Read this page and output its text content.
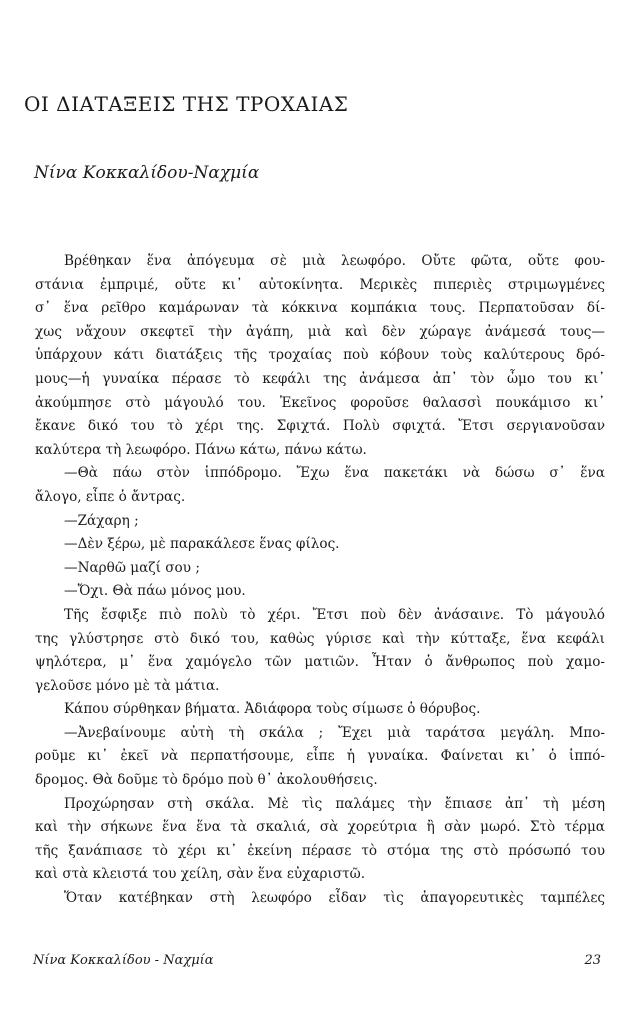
ΟΙ ΔΙΑΤΑΞΕΙΣ ΤΗΣ ΤΡΟΧΑΙΑΣ
Νίνα Κοκκαλίδου-Ναχμία
Βρέθηκαν ἕνα ἀπόγευμα σὲ μιὰ λεωφόρο. Οὔτε φῶτα, οὔτε φου-
στάνια ἐμπριμέ, οὔτε κι᾽ αὐτοκίνητα. Μερικὲς πιπεριὲς στριμωγμένες
σ᾽ ἕνα ρεῖθρο καμάρωναν τὰ κόκκινα κομπάκια τους. Περπατοῦσαν δί-
χως νἄχουν σκεφτεῖ τὴν ἀγάπη, μιὰ καὶ δὲν χώραγε ἀνάμεσά τους—
ὑπάρχουν κάτι διατάξεις τῆς τροχαίας ποὺ κόβουν τοὺς καλύτερους δρό-
μους—ἡ γυναίκα πέρασε τὸ κεφάλι της ἀνάμεσα ἀπ᾽ τὸν ὦμο του κι᾽
ἀκούμπησε στὸ μάγουλό του. Ἐκεῖνος φοροῦσε θαλασσὶ πουκάμισο κι᾽
ἔκανε δικό του τὸ χέρι της. Σφιχτά. Πολὺ σφιχτά. Ἔτσι σεργιανοῦσαν
καλύτερα τὴ λεωφόρο. Πάνω κάτω, πάνω κάτω.
—Θὰ πάω στὸν ἱππόδρομο. Ἔχω ἕνα πακετάκι νὰ δώσω σ᾽ ἕνα
ἄλογο, εἶπε ὁ ἄντρας.
—Ζάχαρη ;
—Δὲν ξέρω, μὲ παρακάλεσε ἕνας φίλος.
—Ναρθῶ μαζί σου ;
—Ὄχι. Θὰ πάω μόνος μου.
Τῆς ἔσφιξε πιὸ πολὺ τὸ χέρι. Ἔτσι ποὺ δὲν ἀνάσαινε. Τὸ μάγουλό
της γλύστρησε στὸ δικό του, καθὼς γύρισε καὶ τὴν κύτταξε, ἕνα κεφάλι
ψηλότερα, μ᾽ ἕνα χαμόγελο τῶν ματιῶν. Ἦταν ὁ ἄνθρωπος ποὺ χαμο-
γελοῦσε μόνο μὲ τὰ μάτια.
Κάπου σύρθηκαν βήματα. Ἀδιάφορα τοὺς σίμωσε ὁ θόρυβος.
—Ἀνεβαίνουμε αὐτὴ τὴ σκάλα ; Ἔχει μιὰ ταράτσα μεγάλη. Μπο-
ροῦμε κι᾽ ἐκεῖ νὰ περπατήσουμε, εἶπε ἡ γυναίκα. Φαίνεται κι᾽ ὁ ἱππό-
δρομος. Θὰ δοῦμε τὸ δρόμο ποὺ θ᾽ ἀκολουθήσεις.
Προχώρησαν στὴ σκάλα. Μὲ τὶς παλάμες τὴν ἔπιασε ἀπ᾽ τὴ μέση
καὶ τὴν σήκωνε ἕνα ἕνα τὰ σκαλιά, σὰ χορεύτρια ἢ σὰν μωρό. Στὸ τέρμα
τῆς ξανάπιασε τὸ χέρι κι᾽ ἐκείνη πέρασε τὸ στόμα της στὸ πρόσωπό του
καὶ στὰ κλειστά του χείλη, σὰν ἕνα εὐχαριστῶ.
Ὅταν κατέβηκαν στὴ λεωφόρο εἶδαν τὶς ἀπαγορευτικὲς ταμπέλες
Νίνα Κοκκαλίδου - Ναχμία	23
